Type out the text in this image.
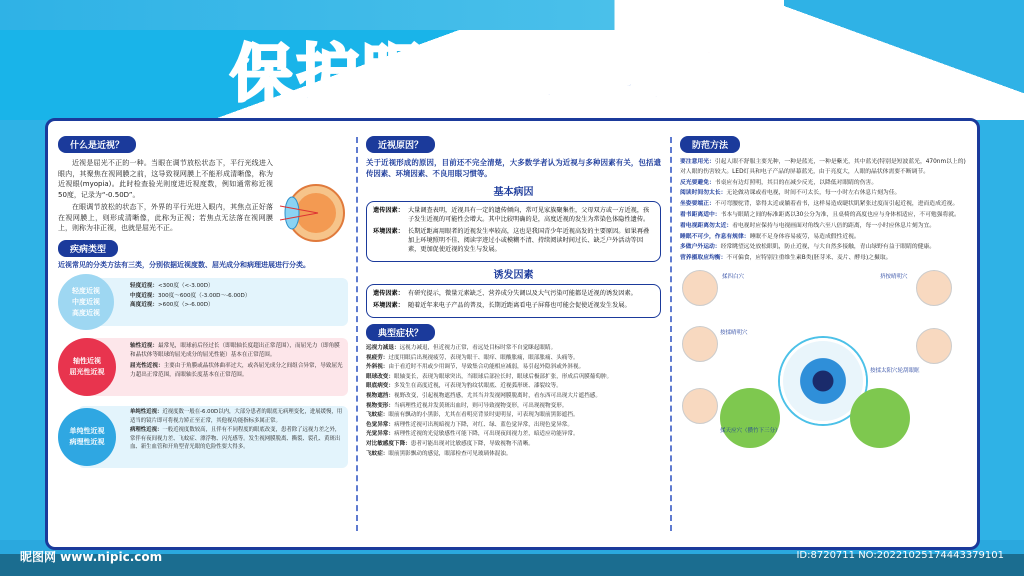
保护眼睛 预防近视
什么是近视？
近视是屈光不正的一种。当眼在调节放松状态下，平行光线进入眼内，其聚焦在视网膜之前，这导致视网膜上不能形成清晰像，称为近视眼(myopia)。此时检查验光则度进近视度数，例如通常称近视50度，记录为“-0.50D”。
在眼调节放松的状态下，外界的平行光进入眼内，其焦点正好落在视网膜上，则形成清晰像，此称为正视；若焦点无法落在视网膜上，则称为非正视，也就是屈光不正。
疾病类型
近视常见的分类方法有三类，分别依据近视度数、屈光成分和病理进展进行分类。
轻度近视
中度近视
高度近视
轻度近视：<300度（<-3.00D）
中度近视：300度～600度（-3.00D～-6.00D）
高度近视：>600度（>-6.00D）
轴性近视
屈光性近视
轴性近视：最常见，眼球前后径过长（即眼轴长度超出正常范围），而屈光力（即角膜和晶状体等眼球的屈光成分的屈光性能）基本在正常范围。
屈光性近视：主要由于角膜或晶状体曲率过大，或各屈光成分之间组合异常，导致屈光力超出正常范围，而眼轴长度基本在正常范围。
单纯性近视
病理性近视
单纯性近视：近视度数一般在-6.00D以内，大部分患者的眼底无病理变化，进展缓慢，用适当的镜片即可将视力矫正至正常，其他视功能指标多属正常。
病理性近视：一般近视度数较高，且伴有不同程度的眼底改变，患者除了远视力差之外，常伴有夜间视力差、飞蚊症、漂浮物、闪光感等。发生视网膜脱离、撕裂、裂孔、黄斑出血、新生血管和开角型青光眼的危险性要大得多。
近视原因？
关于近视形成的原因，目前还不完全清楚，大多数学者认为近视与多种因素有关，包括遗传因素、环境因素、不良用眼习惯等。
基本病因
遗传因素： 大量调查表明，近视具有一定的遗传倾向，常可见家族聚集性，父母双方或一方近视，孩子发生近视的可能性会增大。其中比较明确的是，高度近视的发生为常染色体隐性遗传。
环境因素： 长期近距离用眼者的近视发生率较高，这也是我国青少年近视高发的主要原因。如果再叠加上环境照明不佳、阅读字迹过小或模糊不清、持续阅读时间过长、缺乏户外活动等因素，更加促使近视的发生与发展。
诱发因素
遗传因素： 有研究提示，微量元素缺乏、营养成分失调以及大气污染可能都是近视的诱发因素。
环境因素： 随着近年来电子产品的普及，长期近距离看电子屏幕也可能会促使近视发生发展。
典型症状？
远视力减退：远视力减退，但近视力正常，看远处目标时常不自觉眯起眼睛。
视疲劳：过度用眼后出现视疲劳，表现为眼干、眼痒、眼酸胀痛，眼部胀痛、头痛等。
外斜视：由于看近时不用或少用调节，导致集合功能相应减弱，易引起外隐斜或外斜视。
眼球改变：眼轴变长，表现为眼球突出，当眼球后部拉长时，眼球后极部扩张，形成后巩膜葡萄肿。
眼底病变：多发生在高度近视，可表现为豹纹状眼底、近视弧形斑、漆裂纹等。
视物遮挡：视野改变，引起视物遮挡感，尤其当并发视网膜脱离时，看东西可出现大片遮挡感。
视物变形：当病理性近视并发黄斑出血时，则可导致视物变形，可出现视物变形。
飞蚊症：眼前有飘动的小黑影，尤其在看明亮背景时更明显，可表现为眼前黑影遮挡。
色觉异常：病理性近视可出现暗视力下降，对红、绿、蓝色觉异常，出现色觉异常。
光觉异常：病理性近视的光觉敏感性可能下降，可出现夜间视力差，暗适应功能异常。
对比敏感度下降：患者可能出现对比敏感度下降，导致视物不清晰。
飞蚊症：眼前黑影飘动的感觉，眼部检查可见玻璃体混浊。
防范方法
要注意用光：引起人眼不舒服主要光种，一种是蓝光，一种是紫光，其中蓝光(特别是短波蓝光，470nm以上的)对人眼的伤害较大。LED灯具和电子产品的屏幕蓝光，由于亮度大，人眼的晶状体需要不断调节。
反光要避免：书桌应有边灯照明，其目的在减少反光，以降低对眼睛的伤害。
阅读时间勿太长：无论做功课或看电视，时间不可太长，每一小时左右休息片刻为佳。
坐姿要端正：不可弯腰驼背，靠得太近或躺着看书，这样易造成睫状肌紧张过度而引起近视，进而造成近视。
看书距离适中：书本与眼睛之间的标准距离以30公分为准，且桌椅的高度也应与身体相适应，不可勉强将就。
看电视距离勿太近：看电视时应保持与电视画面对角线六至八倍的距离，每一小时应休息片刻为宜。
睡眠不可少，作息有规律：睡眠不足身体容易疲劳，易造成假性近视。
多做户外运动：经常眺望远处放松眼肌，防止近视，与大自然多接触，青山绿野有益于眼睛的健康。
营养摄取应均衡：不可偏食，应特别注重维生素B类(胚芽米、麦片、酵母)之摄取。
揉四白穴
按揉晴明穴
揉天应穴（攒竹下三分）
挤按晴明穴
按揉太阳穴轮刮眼眶
昵图网 www.nipic.com	ID:8720711 NO:20221025174443379101
